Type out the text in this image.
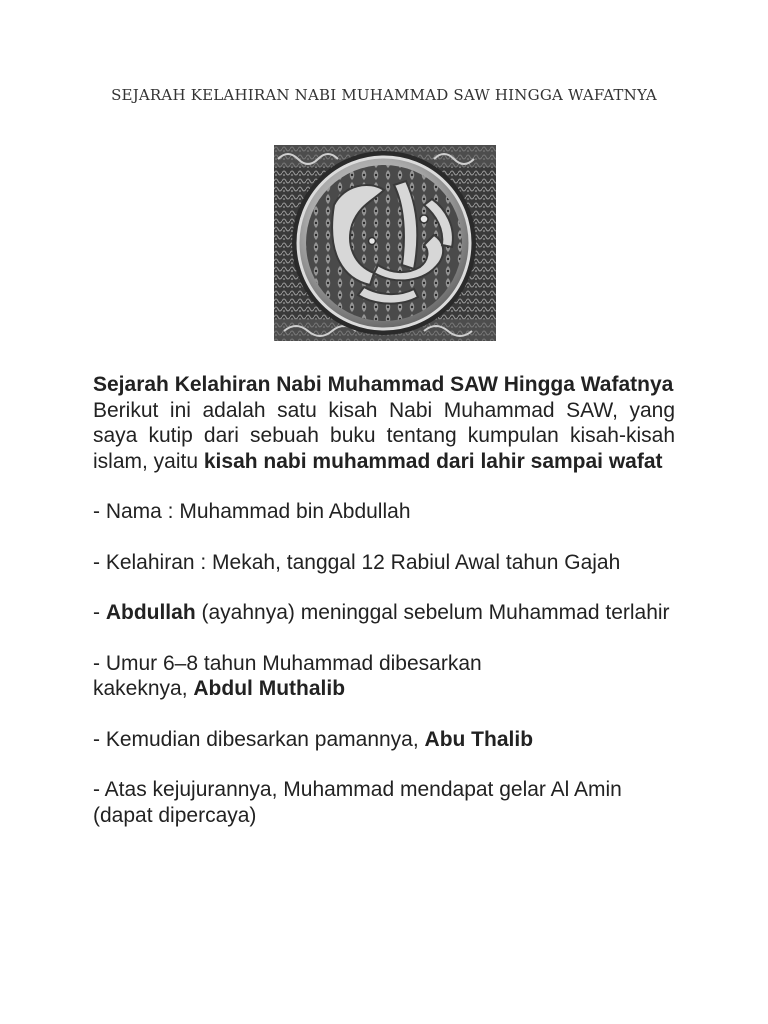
SEJARAH KELAHIRAN NABI MUHAMMAD SAW HINGGA WAFATNYA

Sejarah Kelahiran Nabi Muhammad SAW Hingga Wafatnya

Berikut ini adalah satu kisah Nabi Muhammad SAW, yang saya kutip dari sebuah buku tentang kumpulan kisah-kisah islam, yaitu kisah nabi muhammad dari lahir sampai wafat

- Nama : Muhammad bin Abdullah

- Kelahiran : Mekah, tanggal 12 Rabiul Awal tahun Gajah

- Abdullah (ayahnya) meninggal sebelum Muhammad terlahir

- Umur 6–8 tahun Muhammad dibesarkan
kakeknya, Abdul Muthalib

- Kemudian dibesarkan pamannya, Abu Thalib

- Atas kejujurannya, Muhammad mendapat gelar Al Amin (dapat dipercaya)
